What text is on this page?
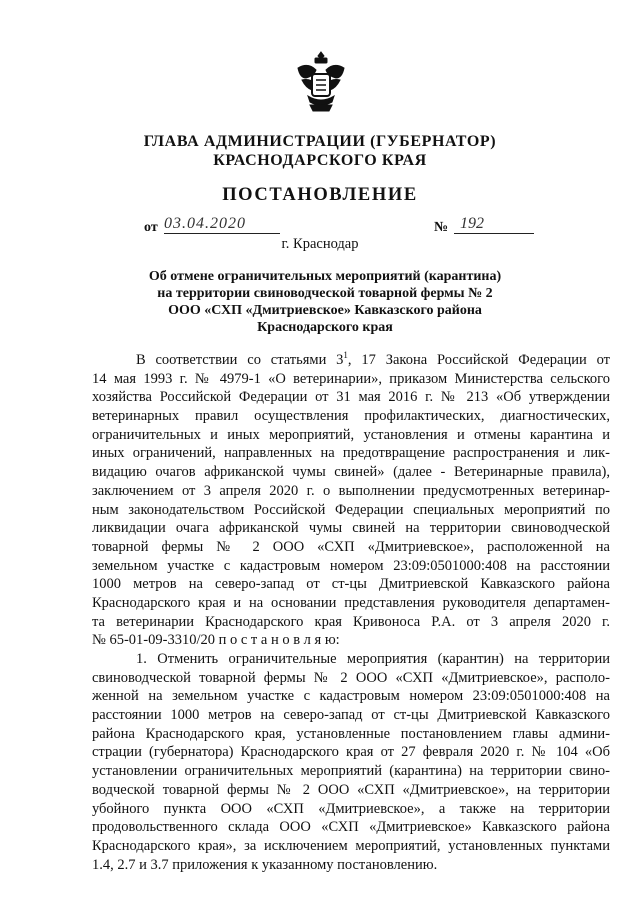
ГЛАВА АДМИНИСТРАЦИИ (ГУБЕРНАТОР)
КРАСНОДАРСКОГО КРАЯ
ПОСТАНОВЛЕНИЕ
от 03.04.2020	№ 192
г. Краснодар
Об отмене ограничительных мероприятий (карантина)
на территории свиноводческой товарной фермы № 2
ООО «СХП «Дмитриевское» Кавказского района
Краснодарского края
В соответствии со статьями $3^1$, 17 Закона Российской Федерации от
14 мая 1993 г. № 4979-1 «О ветеринарии», приказом Министерства сельского
хозяйства Российской Федерации от 31 мая 2016 г. № 213 «Об утверждении
ветеринарных правил осуществления профилактических, диагностических,
ограничительных и иных мероприятий, установления и отмены карантина и
иных ограничений, направленных на предотвращение распространения и лик-
видацию очагов африканской чумы свиней» (далее - Ветеринарные правила),
заключением от 3 апреля 2020 г. о выполнении предусмотренных ветеринар-
ным законодательством Российской Федерации специальных мероприятий по
ликвидации очага африканской чумы свиней на территории свиноводческой
товарной фермы № 2 ООО «СХП «Дмитриевское», расположенной на
земельном участке с кадастровым номером 23:09:0501000:408 на расстоянии
1000 метров на северо-запад от ст-цы Дмитриевской Кавказского района
Краснодарского края и на основании представления руководителя департамен-
та ветеринарии Краснодарского края Кривоноса Р.А. от 3 апреля 2020 г.
№ 65-01-09-3310/20 п о с т а н о в л я ю:
1. Отменить ограничительные мероприятия (карантин) на территории
свиноводческой товарной фермы № 2 ООО «СХП «Дмитриевское», располо-
женной на земельном участке с кадастровым номером 23:09:0501000:408 на
расстоянии 1000 метров на северо-запад от ст-цы Дмитриевской Кавказского
района Краснодарского края, установленные постановлением главы админи-
страции (губернатора) Краснодарского края от 27 февраля 2020 г. № 104 «Об
установлении ограничительных мероприятий (карантина) на территории свино-
водческой товарной фермы № 2 ООО «СХП «Дмитриевское», на территории
убойного пункта ООО «СХП «Дмитриевское», а также на территории
продовольственного склада ООО «СХП «Дмитриевское» Кавказского района
Краснодарского края», за исключением мероприятий, установленных пунктами
1.4, 2.7 и 3.7 приложения к указанному постановлению.
